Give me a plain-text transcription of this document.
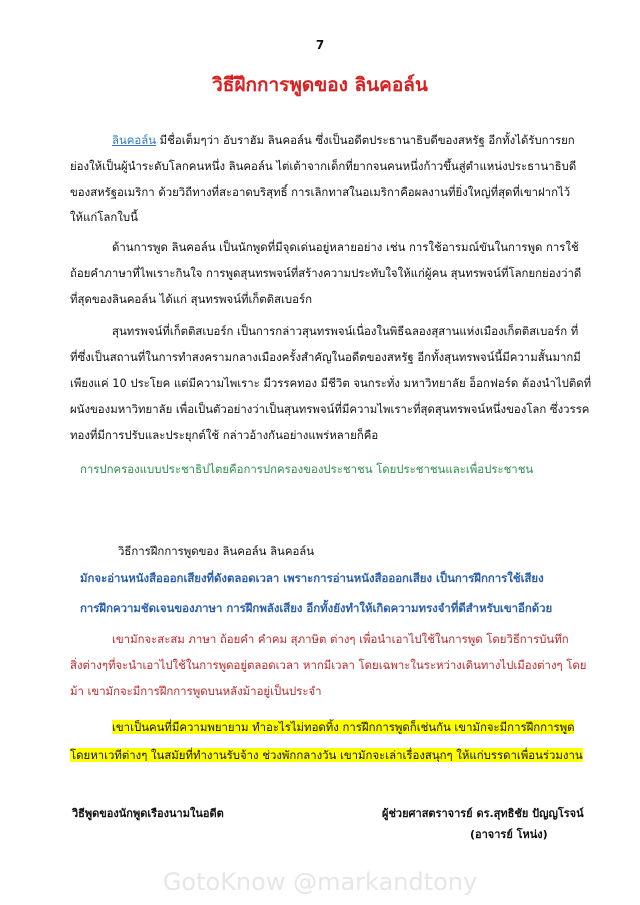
7
วิธีฝึกการพูดของ ลินคอล์น
ลินคอล์น มีชื่อเต็มๆว่า อับราฮัม ลินคอล์น ซึ่งเป็นอดีตประธานาธิบดีของสหรัฐ อีกทั้งได้รับการยก
ย่องให้เป็นผู้นำระดับโลกคนหนึ่ง ลินคอล์น ไต่เต้าจากเด็กที่ยากจนคนหนึ่งก้าวขึ้นสู่ตำแหน่งประธานาธิบดี
ของสหรัฐอเมริกา ด้วยวิถีทางที่สะอาดบริสุทธิ์ การเลิกทาสในอเมริกาคือผลงานที่ยิ่งใหญ่ที่สุดที่เขาฝากไว้
ให้แก่โลกใบนี้
ด้านการพูด ลินคอล์น เป็นนักพูดที่มีจุดเด่นอยู่หลายอย่าง เช่น การใช้อารมณ์ขันในการพูด การใช้
ถ้อยคำภาษาที่ไพเราะกินใจ การพูดสุนทรพจน์ที่สร้างความประทับใจให้แก่ผู้คน สุนทรพจน์ที่โลกยกย่องว่าดี
ที่สุดของลินคอล์น ได้แก่ สุนทรพจน์ที่เก็ตติสเบอร์ก
สุนทรพจน์ที่เก็ตติสเบอร์ก เป็นการกล่าวสุนทรพจน์เนื่องในพิธีฉลองสุสานแห่งเมืองเก็ตติสเบอร์ก ที่
ที่ซึ่งเป็นสถานที่ในการทำสงครามกลางเมืองครั้งสำคัญในอดีตของสหรัฐ อีกทั้งสุนทรพจน์นี้มีความสั้นมากมี
เพียงแค่ 10 ประโยค แต่มีความไพเราะ มีวรรคทอง มีชีวิต จนกระทั่ง มหาวิทยาลัย อ็อกฟอร์ด ต้องนำไปติดที่
ผนังของมหาวิทยาลัย เพื่อเป็นตัวอย่างว่าเป็นสุนทรพจน์ที่มีความไพเราะที่สุดสุนทรพจน์หนึ่งของโลก ซึ่งวรรค
ทองที่มีการปรับและประยุกต์ใช้ กล่าวอ้างกันอย่างแพร่หลายก็คือ
การปกครองแบบประชาธิปไตยคือการปกครองของประชาชน โดยประชาชนและเพื่อประชาชน
วิธีการฝึกการพูดของ ลินคอล์น ลินคอล์น
มักจะอ่านหนังสือออกเสียงที่ดังตลอดเวลา เพราะการอ่านหนังสือออกเสียง เป็นการฝึกการใช้เสียง
การฝึกความชัดเจนของภาษา การฝึกพลังเสียง อีกทั้งยังทำให้เกิดความทรงจำที่ดีสำหรับเขาอีกด้วย
เขามักจะสะสม ภาษา ถ้อยคำ คำคม สุภาษิต ต่างๆ เพื่อนำเอาไปใช้ในการพูด โดยวิธีการบันทึก
สิ่งต่างๆที่จะนำเอาไปใช้ในการพูดอยู่ตลอดเวลา หากมีเวลา โดยเฉพาะในระหว่างเดินทางไปเมืองต่างๆ โดย
ม้า เขามักจะมีการฝึกการพูดบนหลังม้าอยู่เป็นประจำ
เขาเป็นคนที่มีความพยายาม ทำอะไรไม่ทอดทิ้ง การฝึกการพูดก็เช่นกัน เขามักจะมีการฝึกการพูด
โดยหาเวทีต่างๆ ในสมัยที่ทำงานรับจ้าง ช่วงพักกลางวัน เขามักจะเล่าเรื่องสนุกๆ ให้แก่บรรดาเพื่อนร่วมงาน
วิธีพูดของนักพูดเรืองนามในอดีต	ผู้ช่วยศาสตราจารย์ ดร.สุทธิชัย ปัญญโรจน์
(อาจารย์ โหน่ง)
GotoKnow @markandtony
